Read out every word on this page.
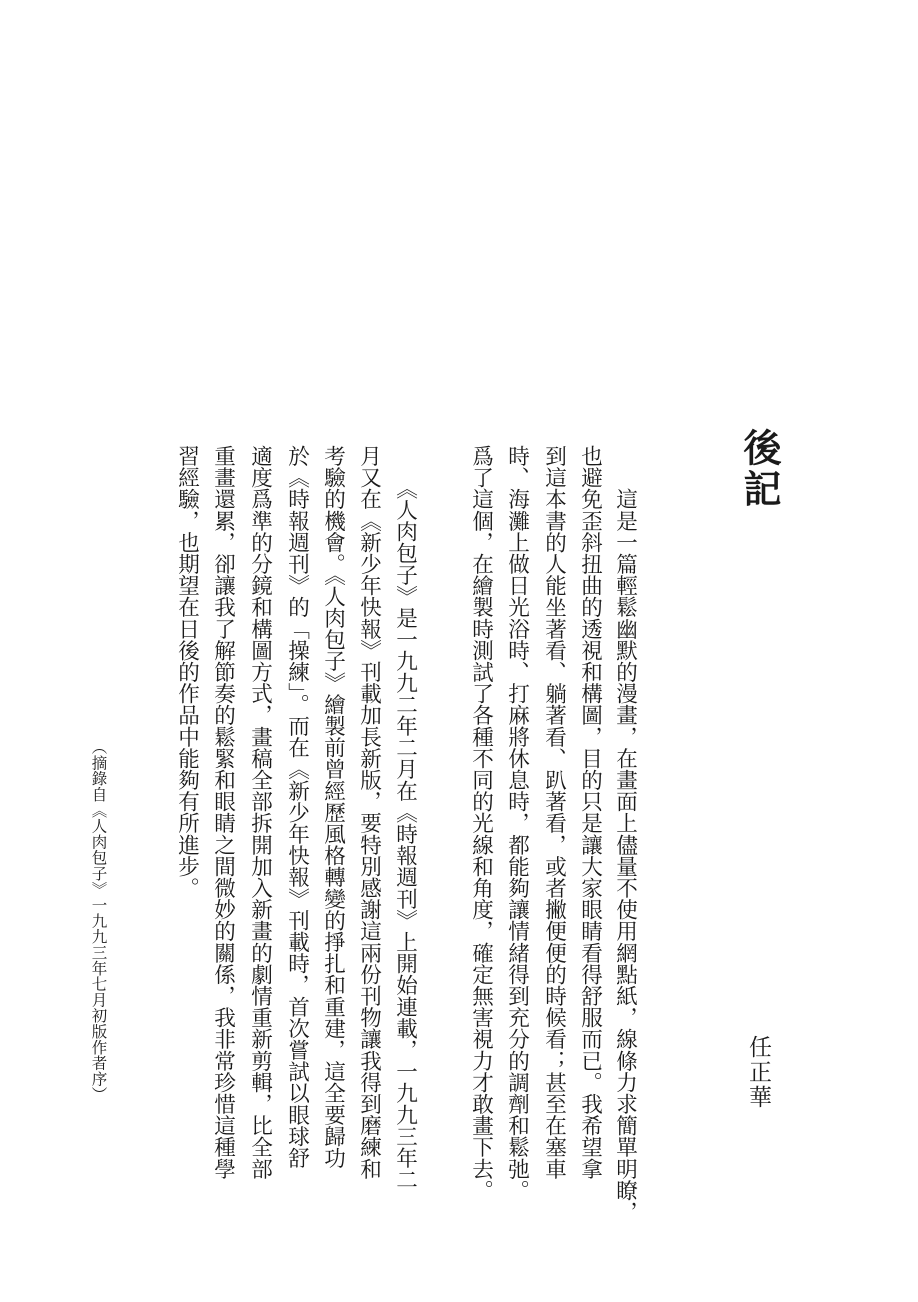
後記
任正華
　　這是一篇輕鬆幽默的漫畫，在畫面上儘量不使用網點紙，線條力求簡單明瞭，
也避免歪斜扭曲的透視和構圖，目的只是讓大家眼睛看得舒服而已。我希望拿
到這本書的人能坐著看、躺著看、趴著看，或者撇便便的時候看；甚至在塞車
時、海灘上做日光浴時、打麻將休息時，都能夠讓情緒得到充分的調劑和鬆弛。
爲了這個，在繪製時測試了各種不同的光線和角度，確定無害視力才敢畫下去。
　　《人肉包子》是一九九二年二月在《時報週刊》上開始連載，一九九三年二
月又在《新少年快報》刊載加長新版，要特別感謝這兩份刊物讓我得到磨練和
考驗的機會。《人肉包子》繪製前曾經歷風格轉變的掙扎和重建，這全要歸功
於《時報週刊》的「操練」。而在《新少年快報》刊載時，首次嘗試以眼球舒
適度爲準的分鏡和構圖方式，畫稿全部拆開加入新畫的劇情重新剪輯，比全部
重畫還累，卻讓我了解節奏的鬆緊和眼睛之間微妙的關係，我非常珍惜這種學
習經驗，也期望在日後的作品中能夠有所進步。
（摘錄自《人肉包子》一九九三年七月初版作者序）
